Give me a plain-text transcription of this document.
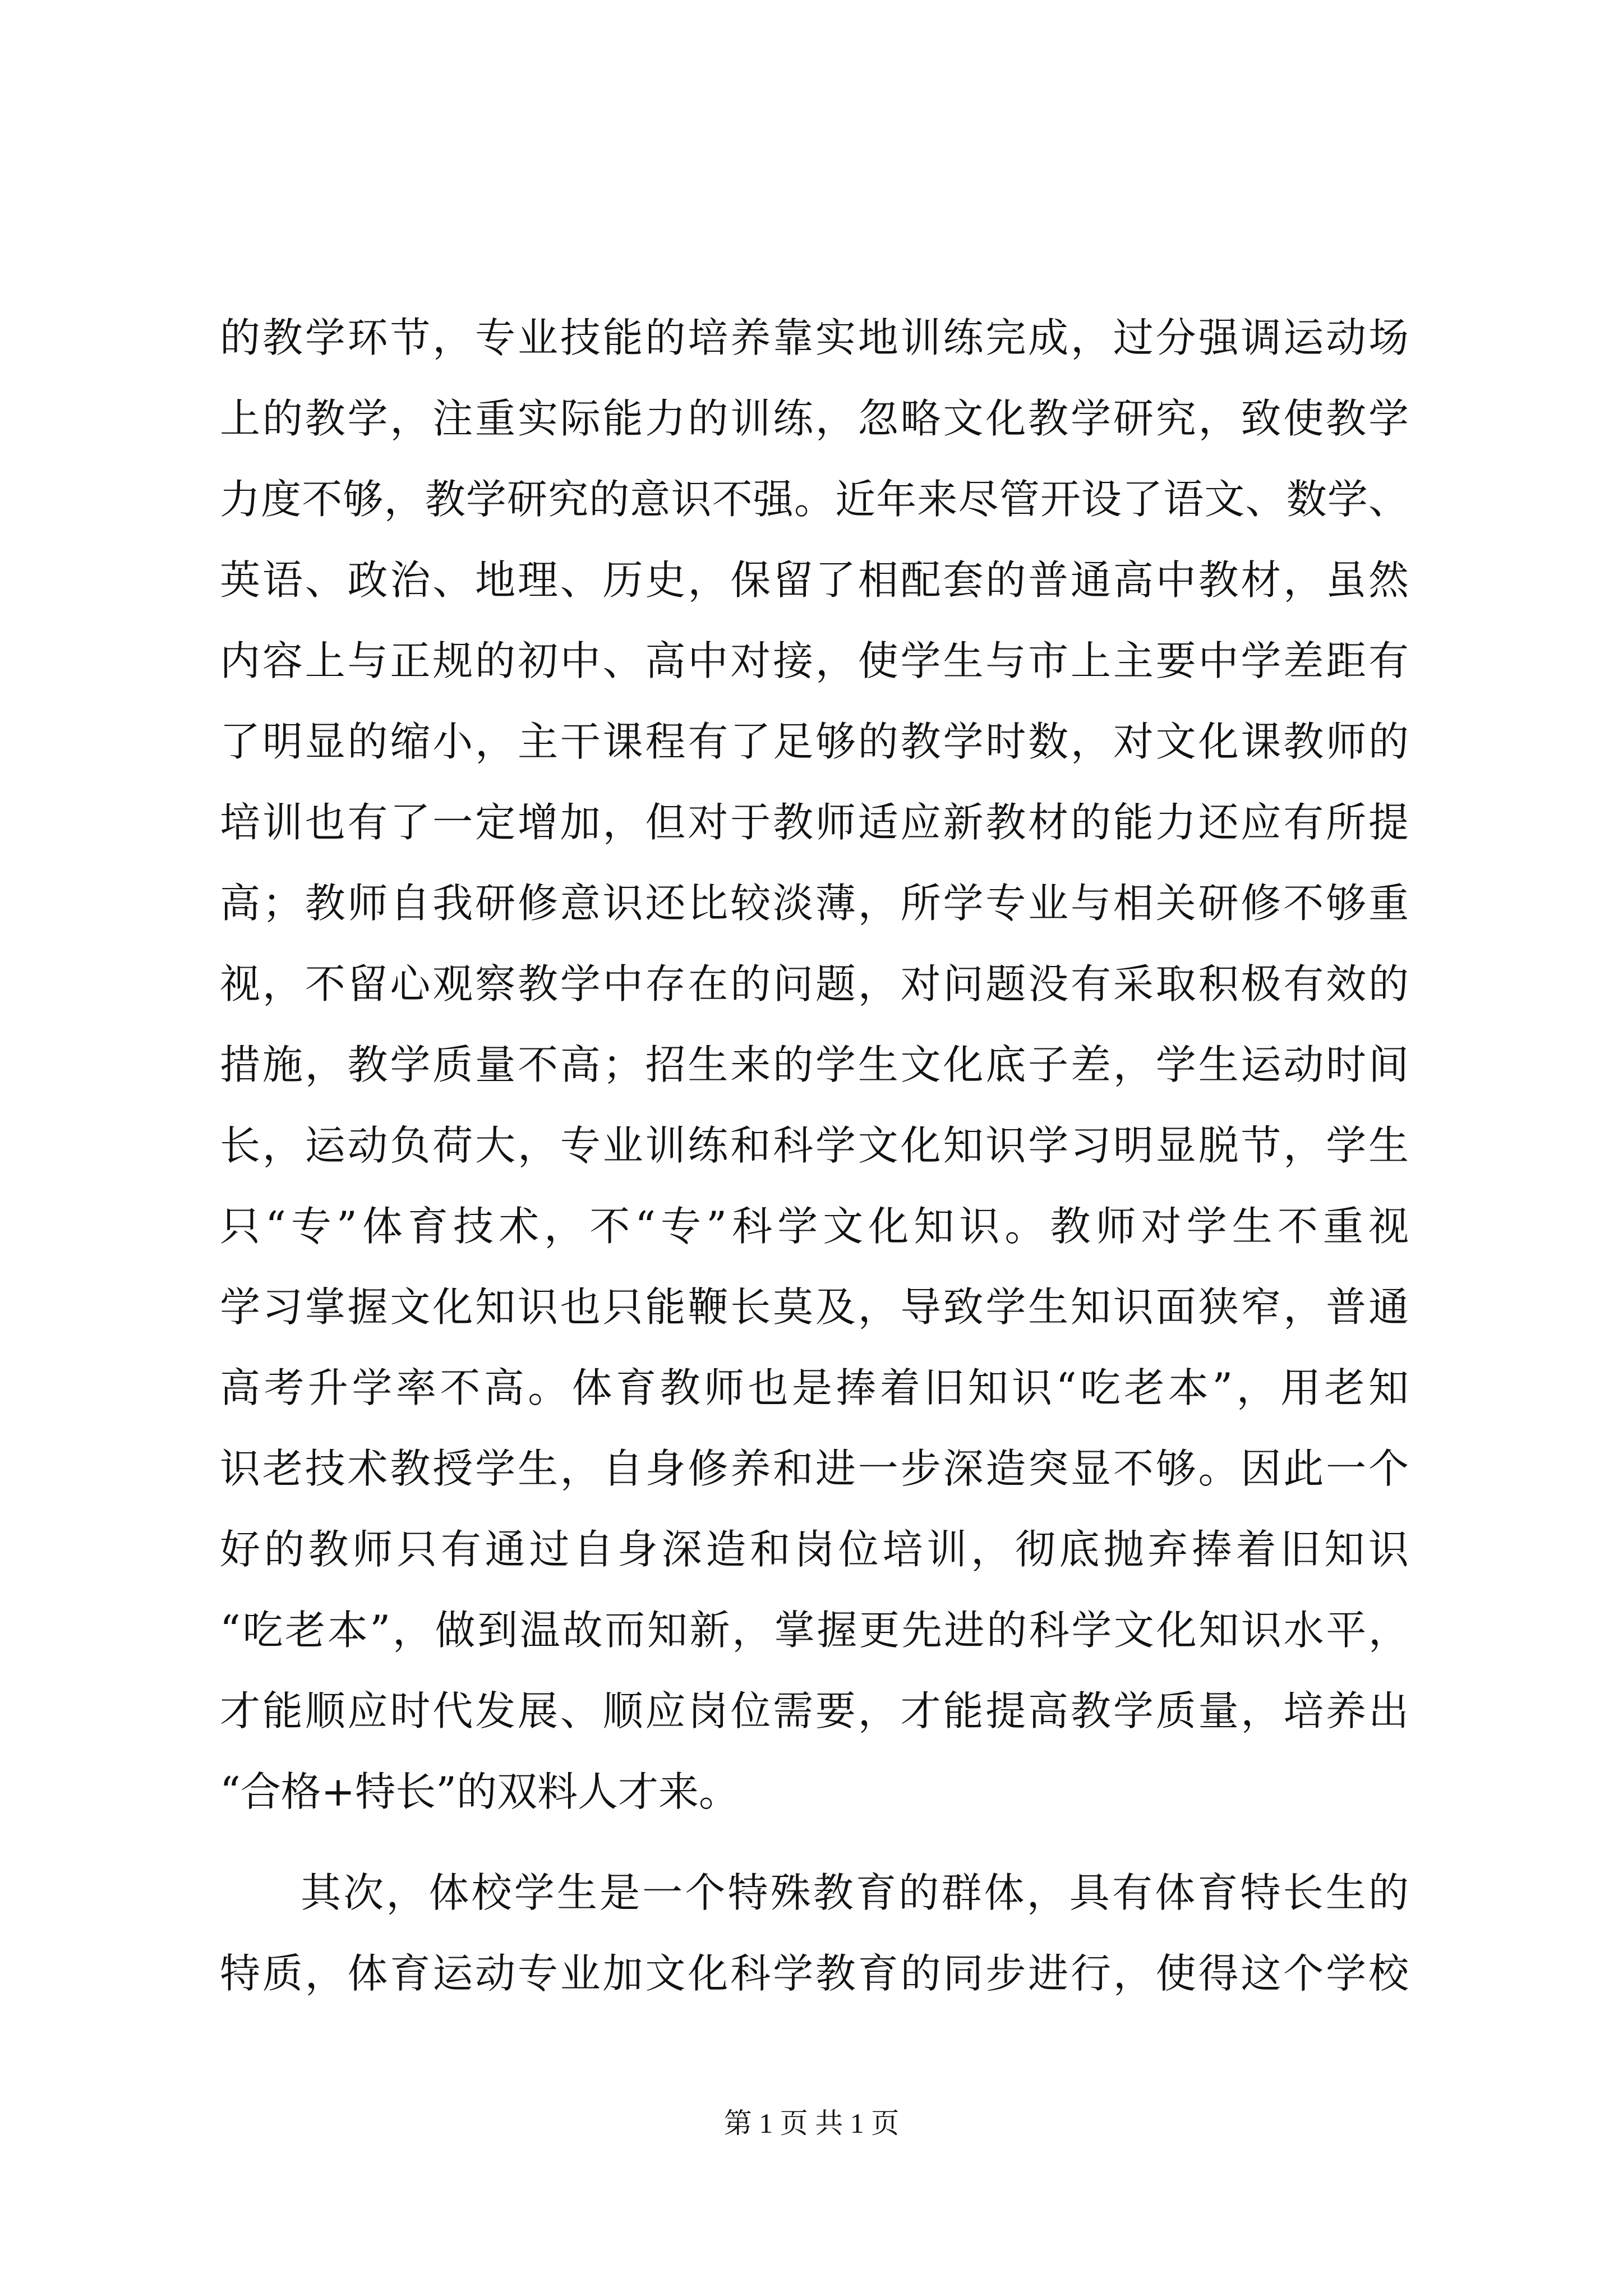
的教学环节，专业技能的培养靠实地训练完成，过分强调运动场
上的教学，注重实际能力的训练，忽略文化教学研究，致使教学
力度不够，教学研究的意识不强。近年来尽管开设了语文、数学、
英语、政治、地理、历史，保留了相配套的普通高中教材，虽然
内容上与正规的初中、高中对接，使学生与市上主要中学差距有
了明显的缩小，主干课程有了足够的教学时数，对文化课教师的
培训也有了一定增加，但对于教师适应新教材的能力还应有所提
高；教师自我研修意识还比较淡薄，所学专业与相关研修不够重
视，不留心观察教学中存在的问题，对问题没有采取积极有效的
措施，教学质量不高；招生来的学生文化底子差，学生运动时间
长，运动负荷大，专业训练和科学文化知识学习明显脱节，学生
只“专”体育技术，不“专”科学文化知识。教师对学生不重视
学习掌握文化知识也只能鞭长莫及，导致学生知识面狭窄，普通
高考升学率不高。体育教师也是捧着旧知识“吃老本”，用老知
识老技术教授学生，自身修养和进一步深造突显不够。因此一个
好的教师只有通过自身深造和岗位培训，彻底抛弃捧着旧知识
“吃老本”，做到温故而知新，掌握更先进的科学文化知识水平，
才能顺应时代发展、顺应岗位需要，才能提高教学质量，培养出
“合格+特长”的双料人才来。
其次，体校学生是一个特殊教育的群体，具有体育特长生的
特质，体育运动专业加文化科学教育的同步进行，使得这个学校
第 1 页 共 1 页
